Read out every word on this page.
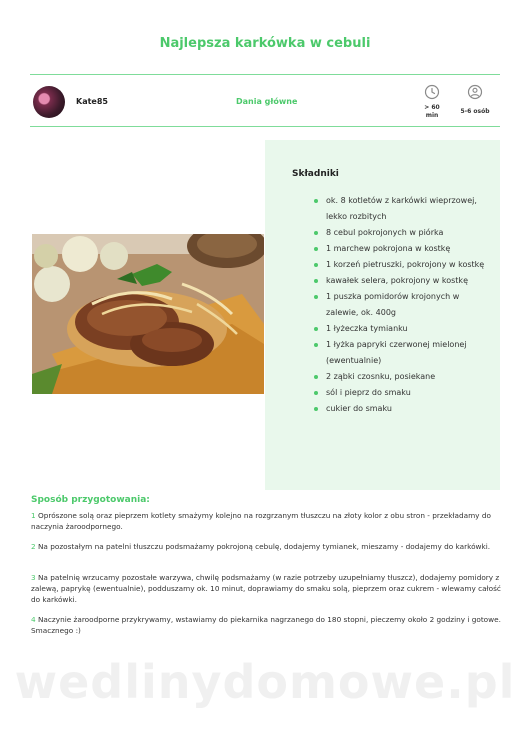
Najlepsza karkówka w cebuli
Kate85	Dania główne
> 60
min
5-6 osób
Składniki
ok. 8 kotletów z karkówki wieprzowej, lekko rozbitych
8 cebul pokrojonych w piórka
1 marchew pokrojona w kostkę
1 korzeń pietruszki, pokrojony w kostkę
kawałek selera, pokrojony w kostkę
1 puszka pomidorów krojonych w zalewie, ok. 400g
1 łyżeczka tymianku
1 łyżka papryki czerwonej mielonej (ewentualnie)
2 ząbki czosnku, posiekane
sól i pieprz do smaku
cukier do smaku
Sposób przygotowania:
1 Oprószone solą oraz pieprzem kotlety smażymy kolejno na rozgrzanym tłuszczu na złoty kolor z obu stron - przekładamy do naczynia żaroodpornego.
2 Na pozostałym na patelni tłuszczu podsmażamy pokrojoną cebulę, dodajemy tymianek, mieszamy - dodajemy do karkówki.
3 Na patelnię wrzucamy pozostałe warzywa, chwilę podsmażamy (w razie potrzeby uzupełniamy tłuszcz), dodajemy pomidory z zalewą, paprykę (ewentualnie), podduszamy ok. 10 minut, doprawiamy do smaku solą, pieprzem oraz cukrem - wlewamy całość do karkówki.
4 Naczynie żaroodporne przykrywamy, wstawiamy do piekarnika nagrzanego do 180 stopni, pieczemy około 2 godziny i gotowe. Smacznego :)
wedlinydomowe.pl
